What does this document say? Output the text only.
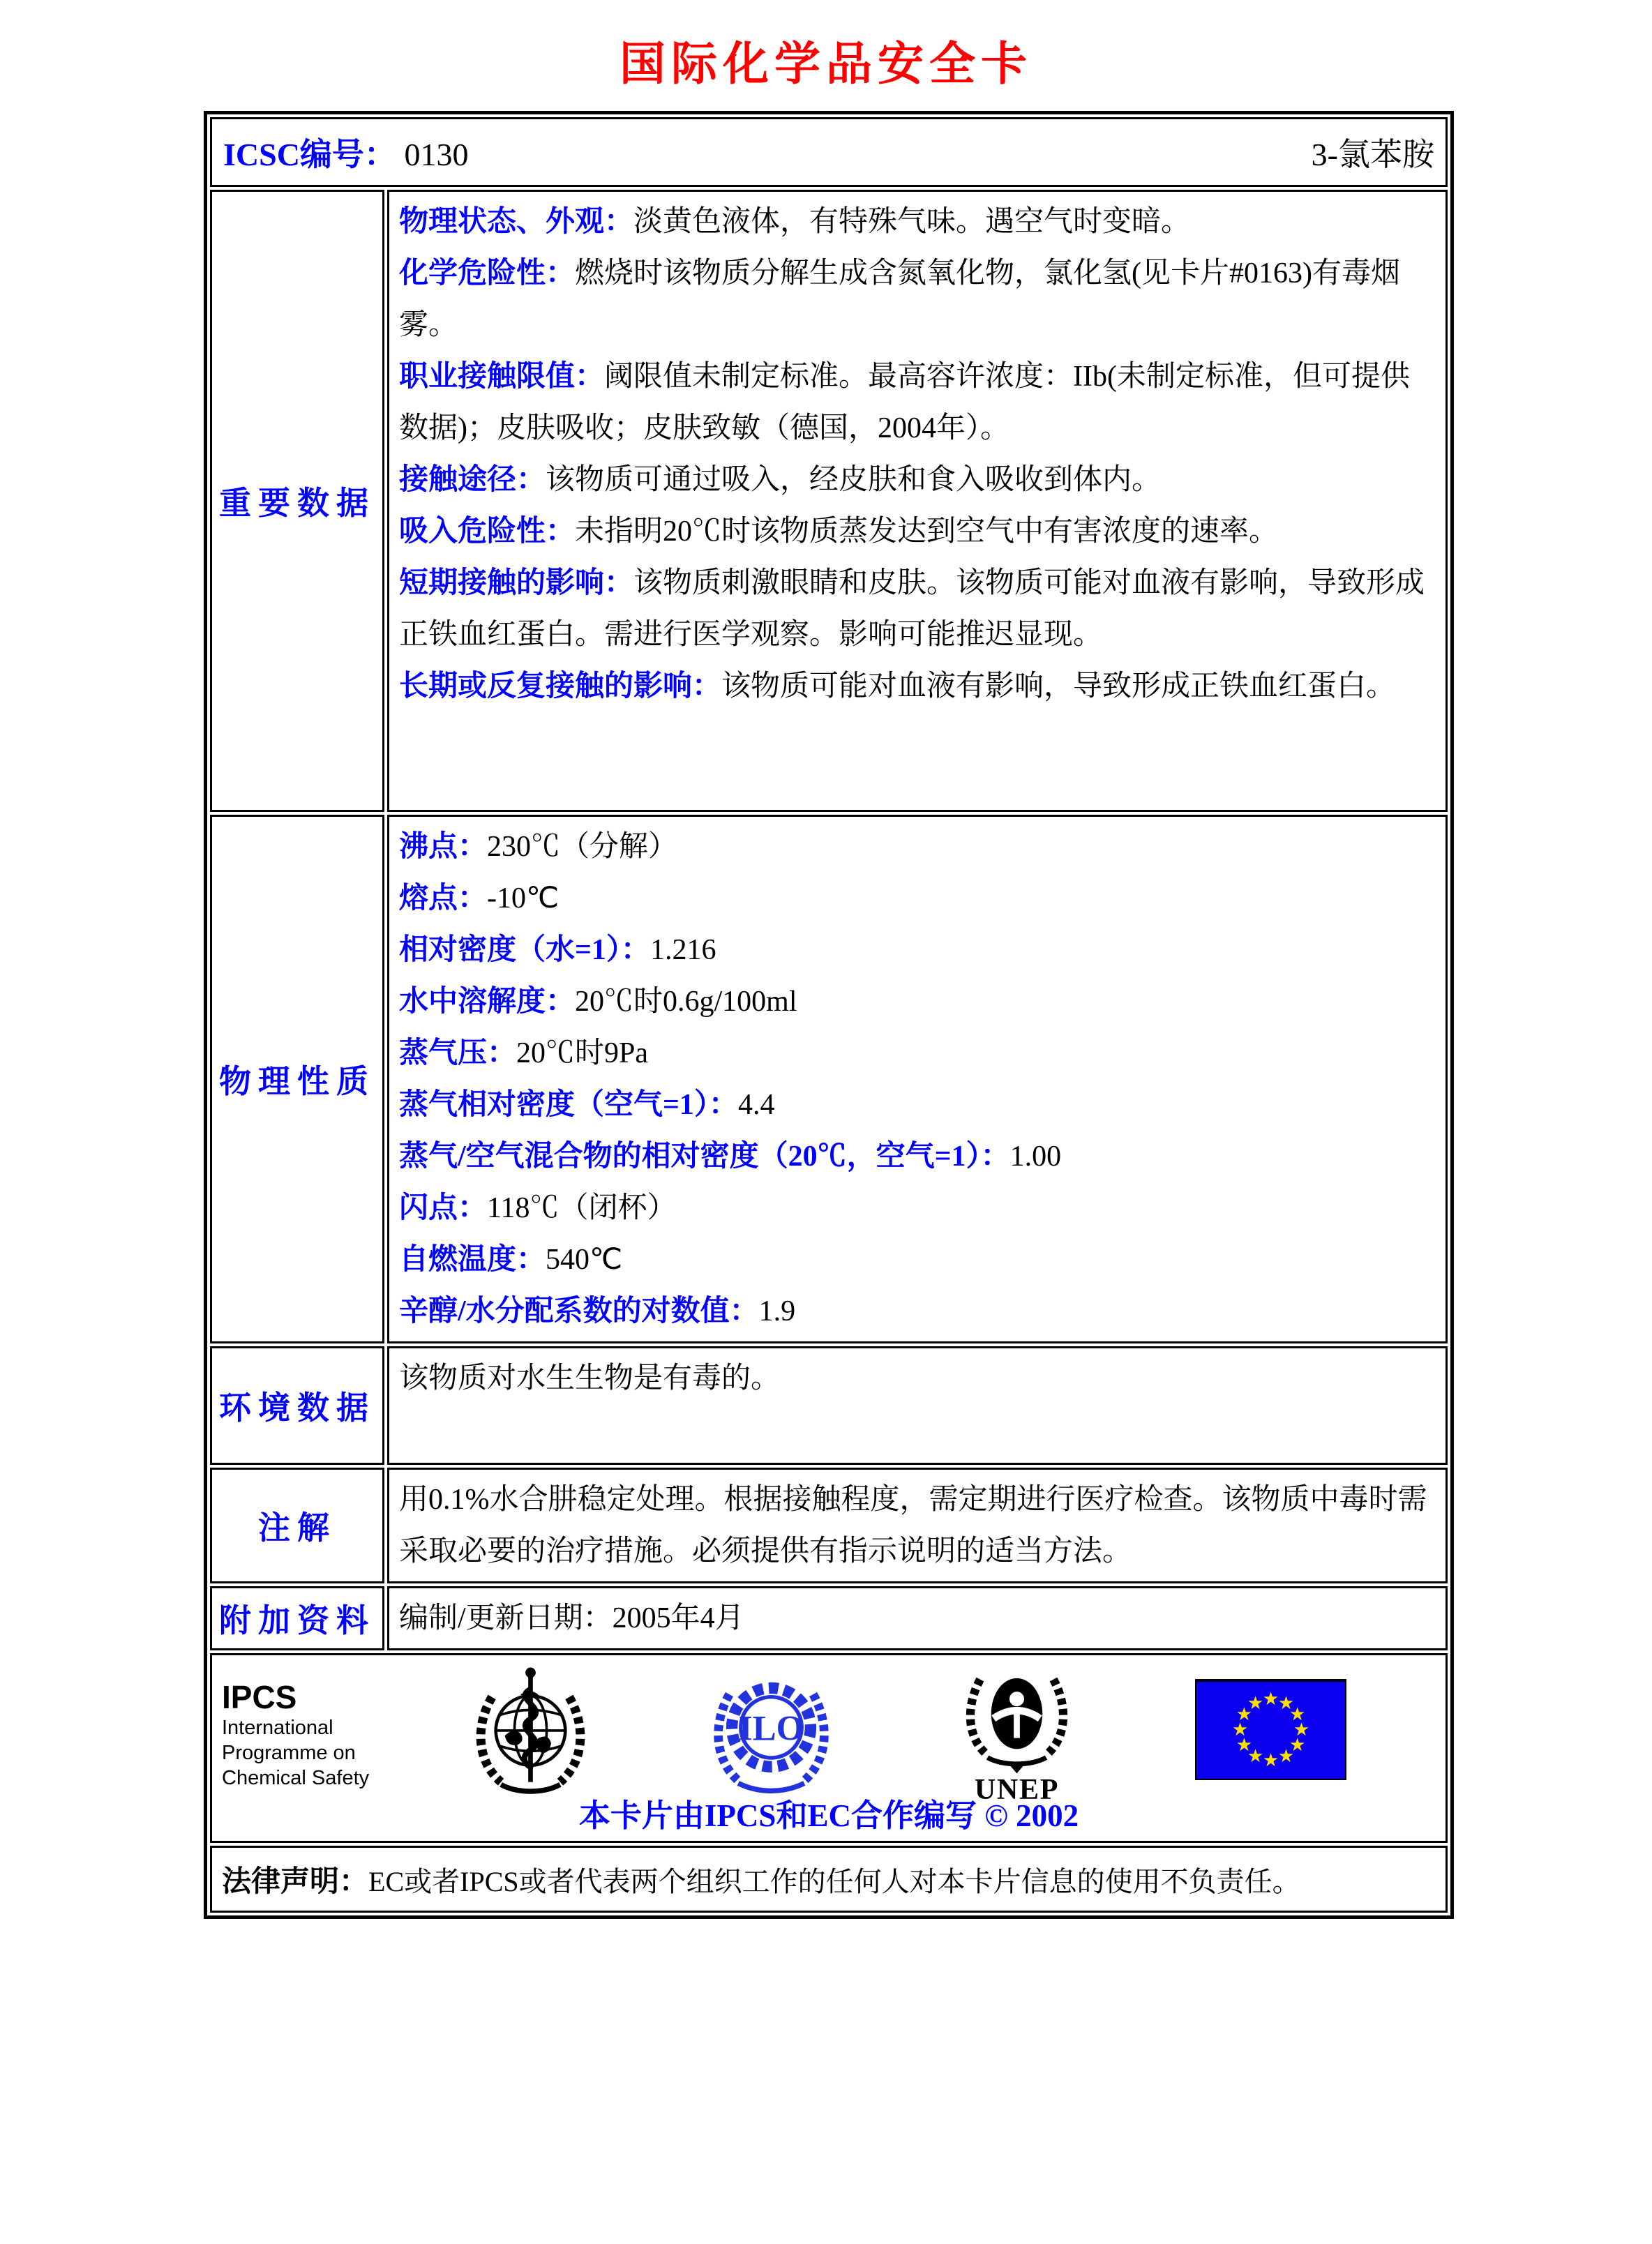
国际化学品安全卡
ICSC编号： 0130	3-氯苯胺
重要数据

物理状态、外观：淡黄色液体，有特殊气味。遇空气时变暗。

化学危险性：燃烧时该物质分解生成含氮氧化物，氯化氢(见卡片#0163)有毒烟雾。

职业接触限值：阈限值未制定标准。最高容许浓度：IIb(未制定标准，但可提供数据)；皮肤吸收；皮肤致敏（德国，2004年）。

接触途径：该物质可通过吸入，经皮肤和食入吸收到体内。

吸入危险性：未指明20℃时该物质蒸发达到空气中有害浓度的速率。

短期接触的影响：该物质刺激眼睛和皮肤。该物质可能对血液有影响，导致形成正铁血红蛋白。需进行医学观察。影响可能推迟显现。

长期或反复接触的影响：该物质可能对血液有影响，导致形成正铁血红蛋白。

物理性质

沸点：230℃（分解）

熔点：-10℃

相对密度（水=1）：1.216

水中溶解度：20℃时0.6g/100ml

蒸气压：20℃时9Pa

蒸气相对密度（空气=1）：4.4

蒸气/空气混合物的相对密度（20℃，空气=1）：1.00

闪点：118℃（闭杯）

自燃温度：540℃

辛醇/水分配系数的对数值：1.9

环境数据

该物质对水生生物是有毒的。

注解

用0.1%水合肼稳定处理。根据接触程度，需定期进行医疗检查。该物质中毒时需采取必要的治疗措施。必须提供有指示说明的适当方法。

附加资料 编制/更新日期：2005年4月

IPCS
International
Programme on
Chemical Safety
ILO
UNEP
★
★
★
★
★
★
★
★
★
★
★
★
本卡片由IPCS和EC合作编写 © 2002

法律声明：EC或者IPCS或者代表两个组织工作的任何人对本卡片信息的使用不负责任。
